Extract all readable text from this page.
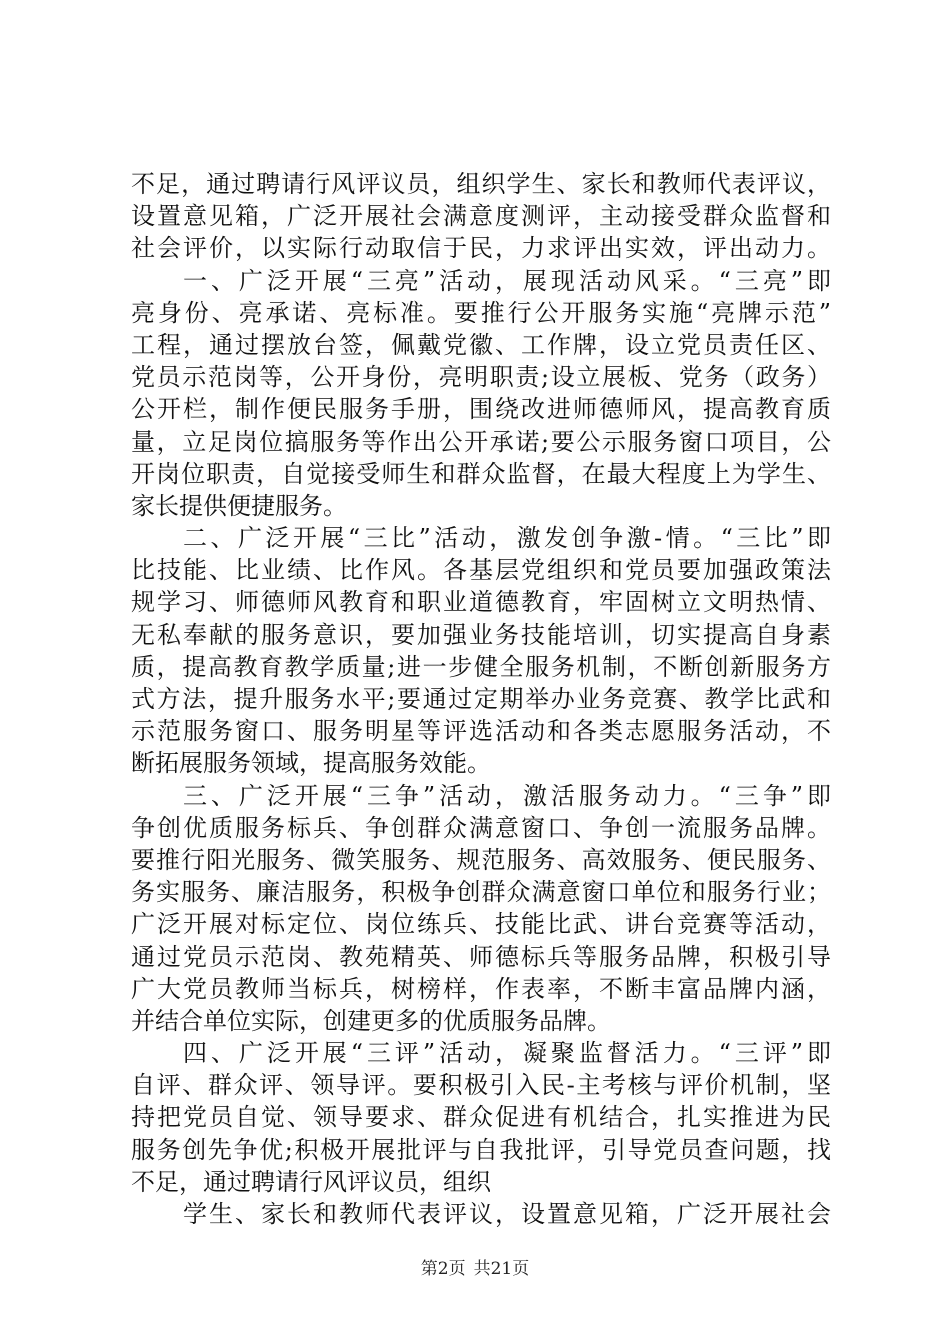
不足，通过聘请行风评议员，组织学生、家长和教师代表评议，
设置意见箱，广泛开展社会满意度测评，主动接受群众监督和
社会评价，以实际行动取信于民，力求评出实效，评出动力。
一、广泛开展“三亮”活动，展现活动风采。“三亮”即
亮身份、亮承诺、亮标准。要推行公开服务实施“亮牌示范”
工程，通过摆放台签，佩戴党徽、工作牌，设立党员责任区、
党员示范岗等，公开身份，亮明职责;设立展板、党务（政务）
公开栏，制作便民服务手册，围绕改进师德师风，提高教育质
量，立足岗位搞服务等作出公开承诺;要公示服务窗口项目，公
开岗位职责，自觉接受师生和群众监督，在最大程度上为学生、
家长提供便捷服务。
二、广泛开展“三比”活动，激发创争激-情。“三比”即
比技能、比业绩、比作风。各基层党组织和党员要加强政策法
规学习、师德师风教育和职业道德教育，牢固树立文明热情、
无私奉献的服务意识，要加强业务技能培训，切实提高自身素
质，提高教育教学质量;进一步健全服务机制，不断创新服务方
式方法，提升服务水平;要通过定期举办业务竞赛、教学比武和
示范服务窗口、服务明星等评选活动和各类志愿服务活动，不
断拓展服务领域，提高服务效能。
三、广泛开展“三争”活动，激活服务动力。“三争”即
争创优质服务标兵、争创群众满意窗口、争创一流服务品牌。
要推行阳光服务、微笑服务、规范服务、高效服务、便民服务、
务实服务、廉洁服务，积极争创群众满意窗口单位和服务行业；
广泛开展对标定位、岗位练兵、技能比武、讲台竞赛等活动，
通过党员示范岗、教苑精英、师德标兵等服务品牌，积极引导
广大党员教师当标兵，树榜样，作表率，不断丰富品牌内涵，
并结合单位实际，创建更多的优质服务品牌。
四、广泛开展“三评”活动，凝聚监督活力。“三评”即
自评、群众评、领导评。要积极引入民-主考核与评价机制，坚
持把党员自觉、领导要求、群众促进有机结合，扎实推进为民
服务创先争优;积极开展批评与自我批评，引导党员查问题，找
不足，通过聘请行风评议员，组织
学生、家长和教师代表评议，设置意见箱，广泛开展社会
第2页 共21页
